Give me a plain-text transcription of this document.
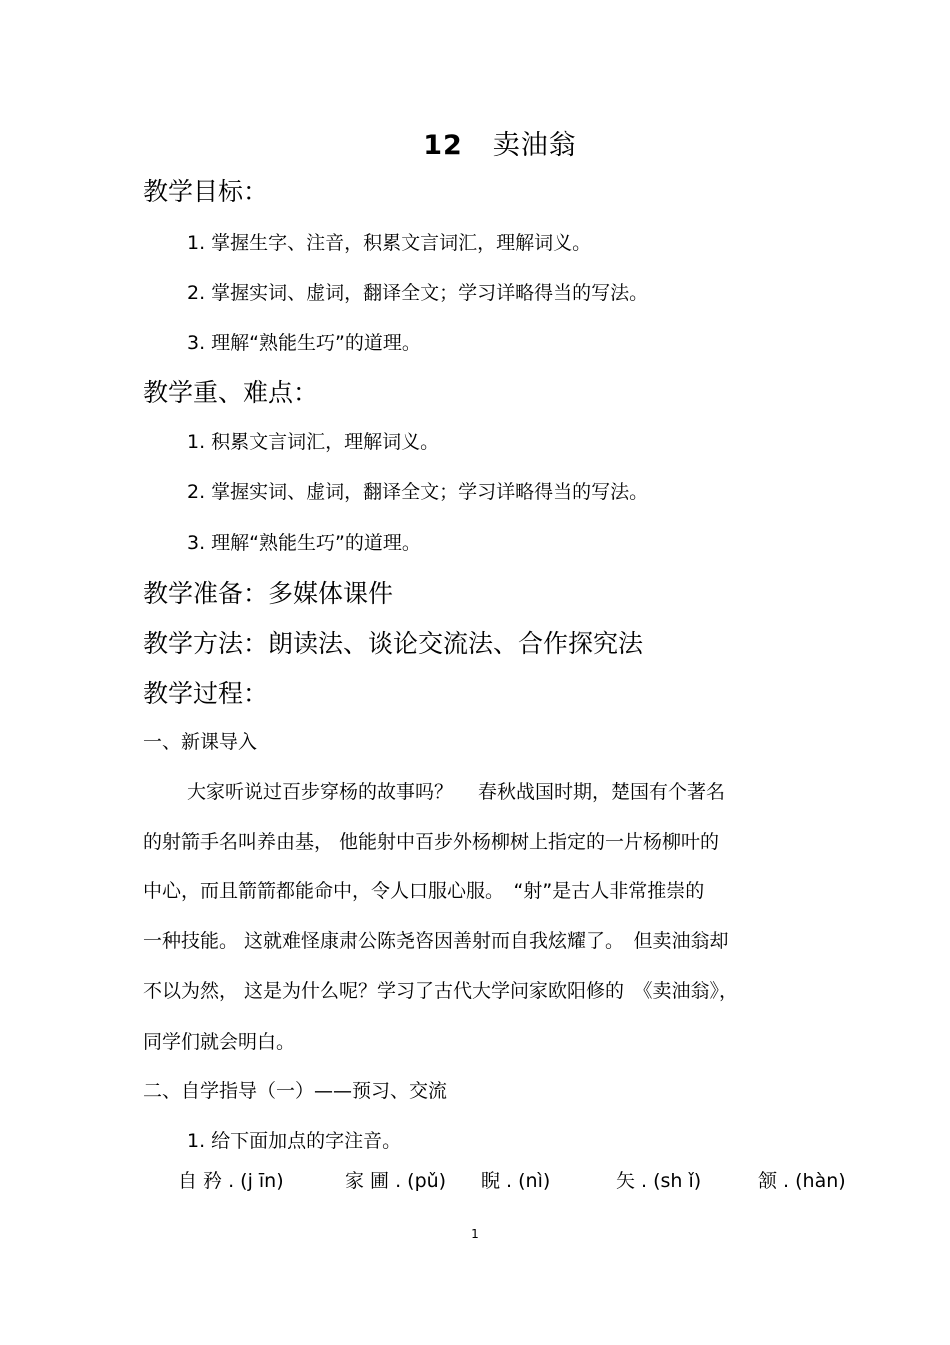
12 卖油翁
教学目标：
1. 掌握生字、注音，积累文言词汇，理解词义。
2. 掌握实词、虚词，翻译全文；学习详略得当的写法。
3. 理解“熟能生巧”的道理。
教学重、难点：
1. 积累文言词汇，理解词义。
2. 掌握实词、虚词，翻译全文；学习详略得当的写法。
3. 理解“熟能生巧”的道理。
教学准备：多媒体课件
教学方法：朗读法、谈论交流法、合作探究法
教学过程：
一、新课导入
大家听说过百步穿杨的故事吗？　 春秋战国时期，楚国有个著名
的射箭手名叫养由基， 他能射中百步外杨柳树上指定的一片杨柳叶的
中心，而且箭箭都能命中，令人口服心服。　“射”是古人非常推崇的
一种技能。 这就难怪康肃公陈尧咨因善射而自我炫耀了。　但卖油翁却
不以为然， 这是为什么呢？学习了古代大学问家欧阳修的　《卖油翁》，
同学们就会明白。
二、自学指导（一）——预习、交流
1. 给下面加点的字注音。
自 矜 . (j īn)	家 圃 . (pǔ) 睨 . (nì)	矢 . (sh ǐ)	颔 . (hàn)
1
